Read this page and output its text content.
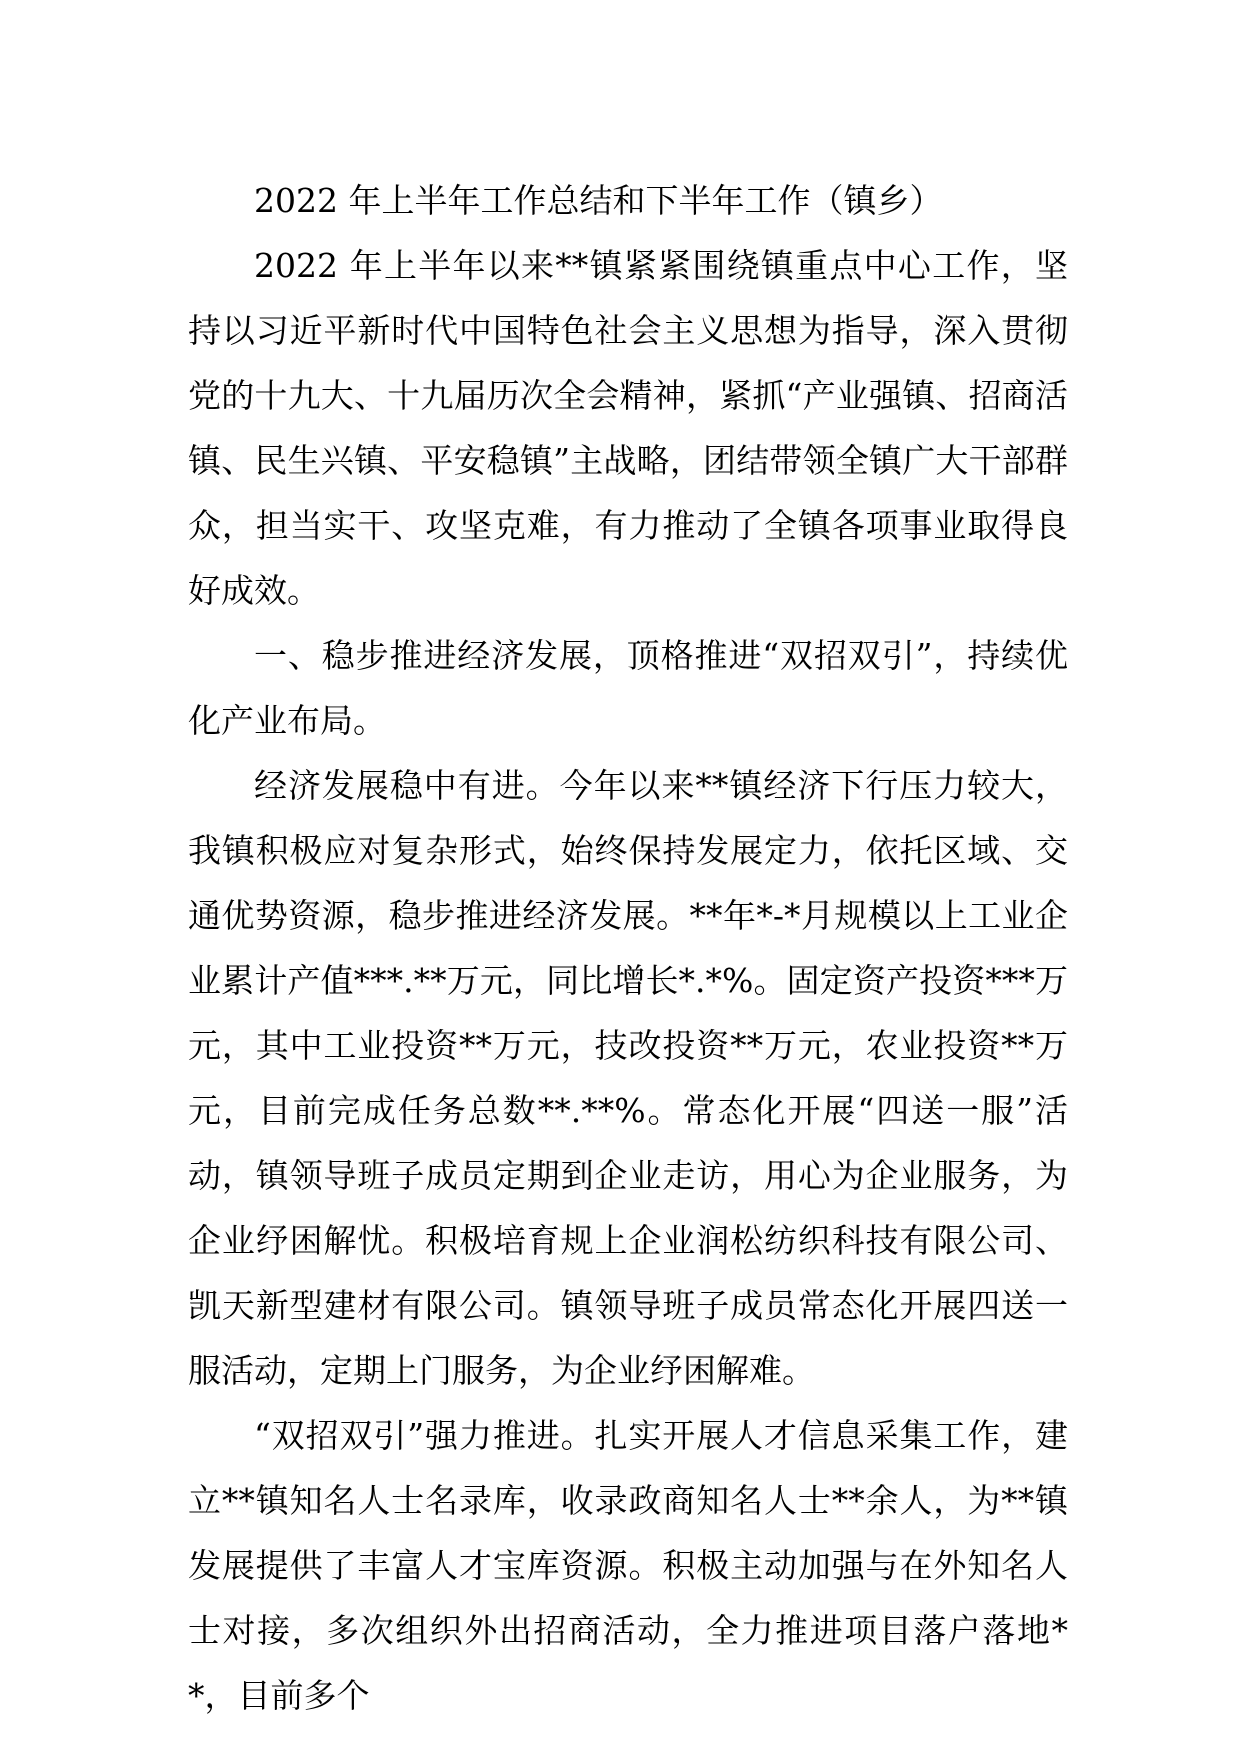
2022 年上半年工作总结和下半年工作（镇乡）

2022 年上半年以来**镇紧紧围绕镇重点中心工作，坚持以习近平新时代中国特色社会主义思想为指导，深入贯彻党的十九大、十九届历次全会精神，紧抓“产业强镇、招商活镇、民生兴镇、平安稳镇”主战略，团结带领全镇广大干部群众，担当实干、攻坚克难，有力推动了全镇各项事业取得良好成效。

一、稳步推进经济发展，顶格推进“双招双引”，持续优化产业布局。

经济发展稳中有进。今年以来**镇经济下行压力较大，我镇积极应对复杂形式，始终保持发展定力，依托区域、交通优势资源，稳步推进经济发展。**年*-*月规模以上工业企业累计产值***.**万元，同比增长*.*%。固定资产投资***万元，其中工业投资**万元，技改投资**万元，农业投资**万元，目前完成任务总数**.**%。常态化开展“四送一服”活动，镇领导班子成员定期到企业走访，用心为企业服务，为企业纾困解忧。积极培育规上企业润松纺织科技有限公司、凯天新型建材有限公司。镇领导班子成员常态化开展四送一服活动，定期上门服务，为企业纾困解难。

“双招双引”强力推进。扎实开展人才信息采集工作，建立**镇知名人士名录库，收录政商知名人士**余人，为**镇发展提供了丰富人才宝库资源。积极主动加强与在外知名人士对接，多次组织外出招商活动，全力推进项目落户落地**，目前多个
